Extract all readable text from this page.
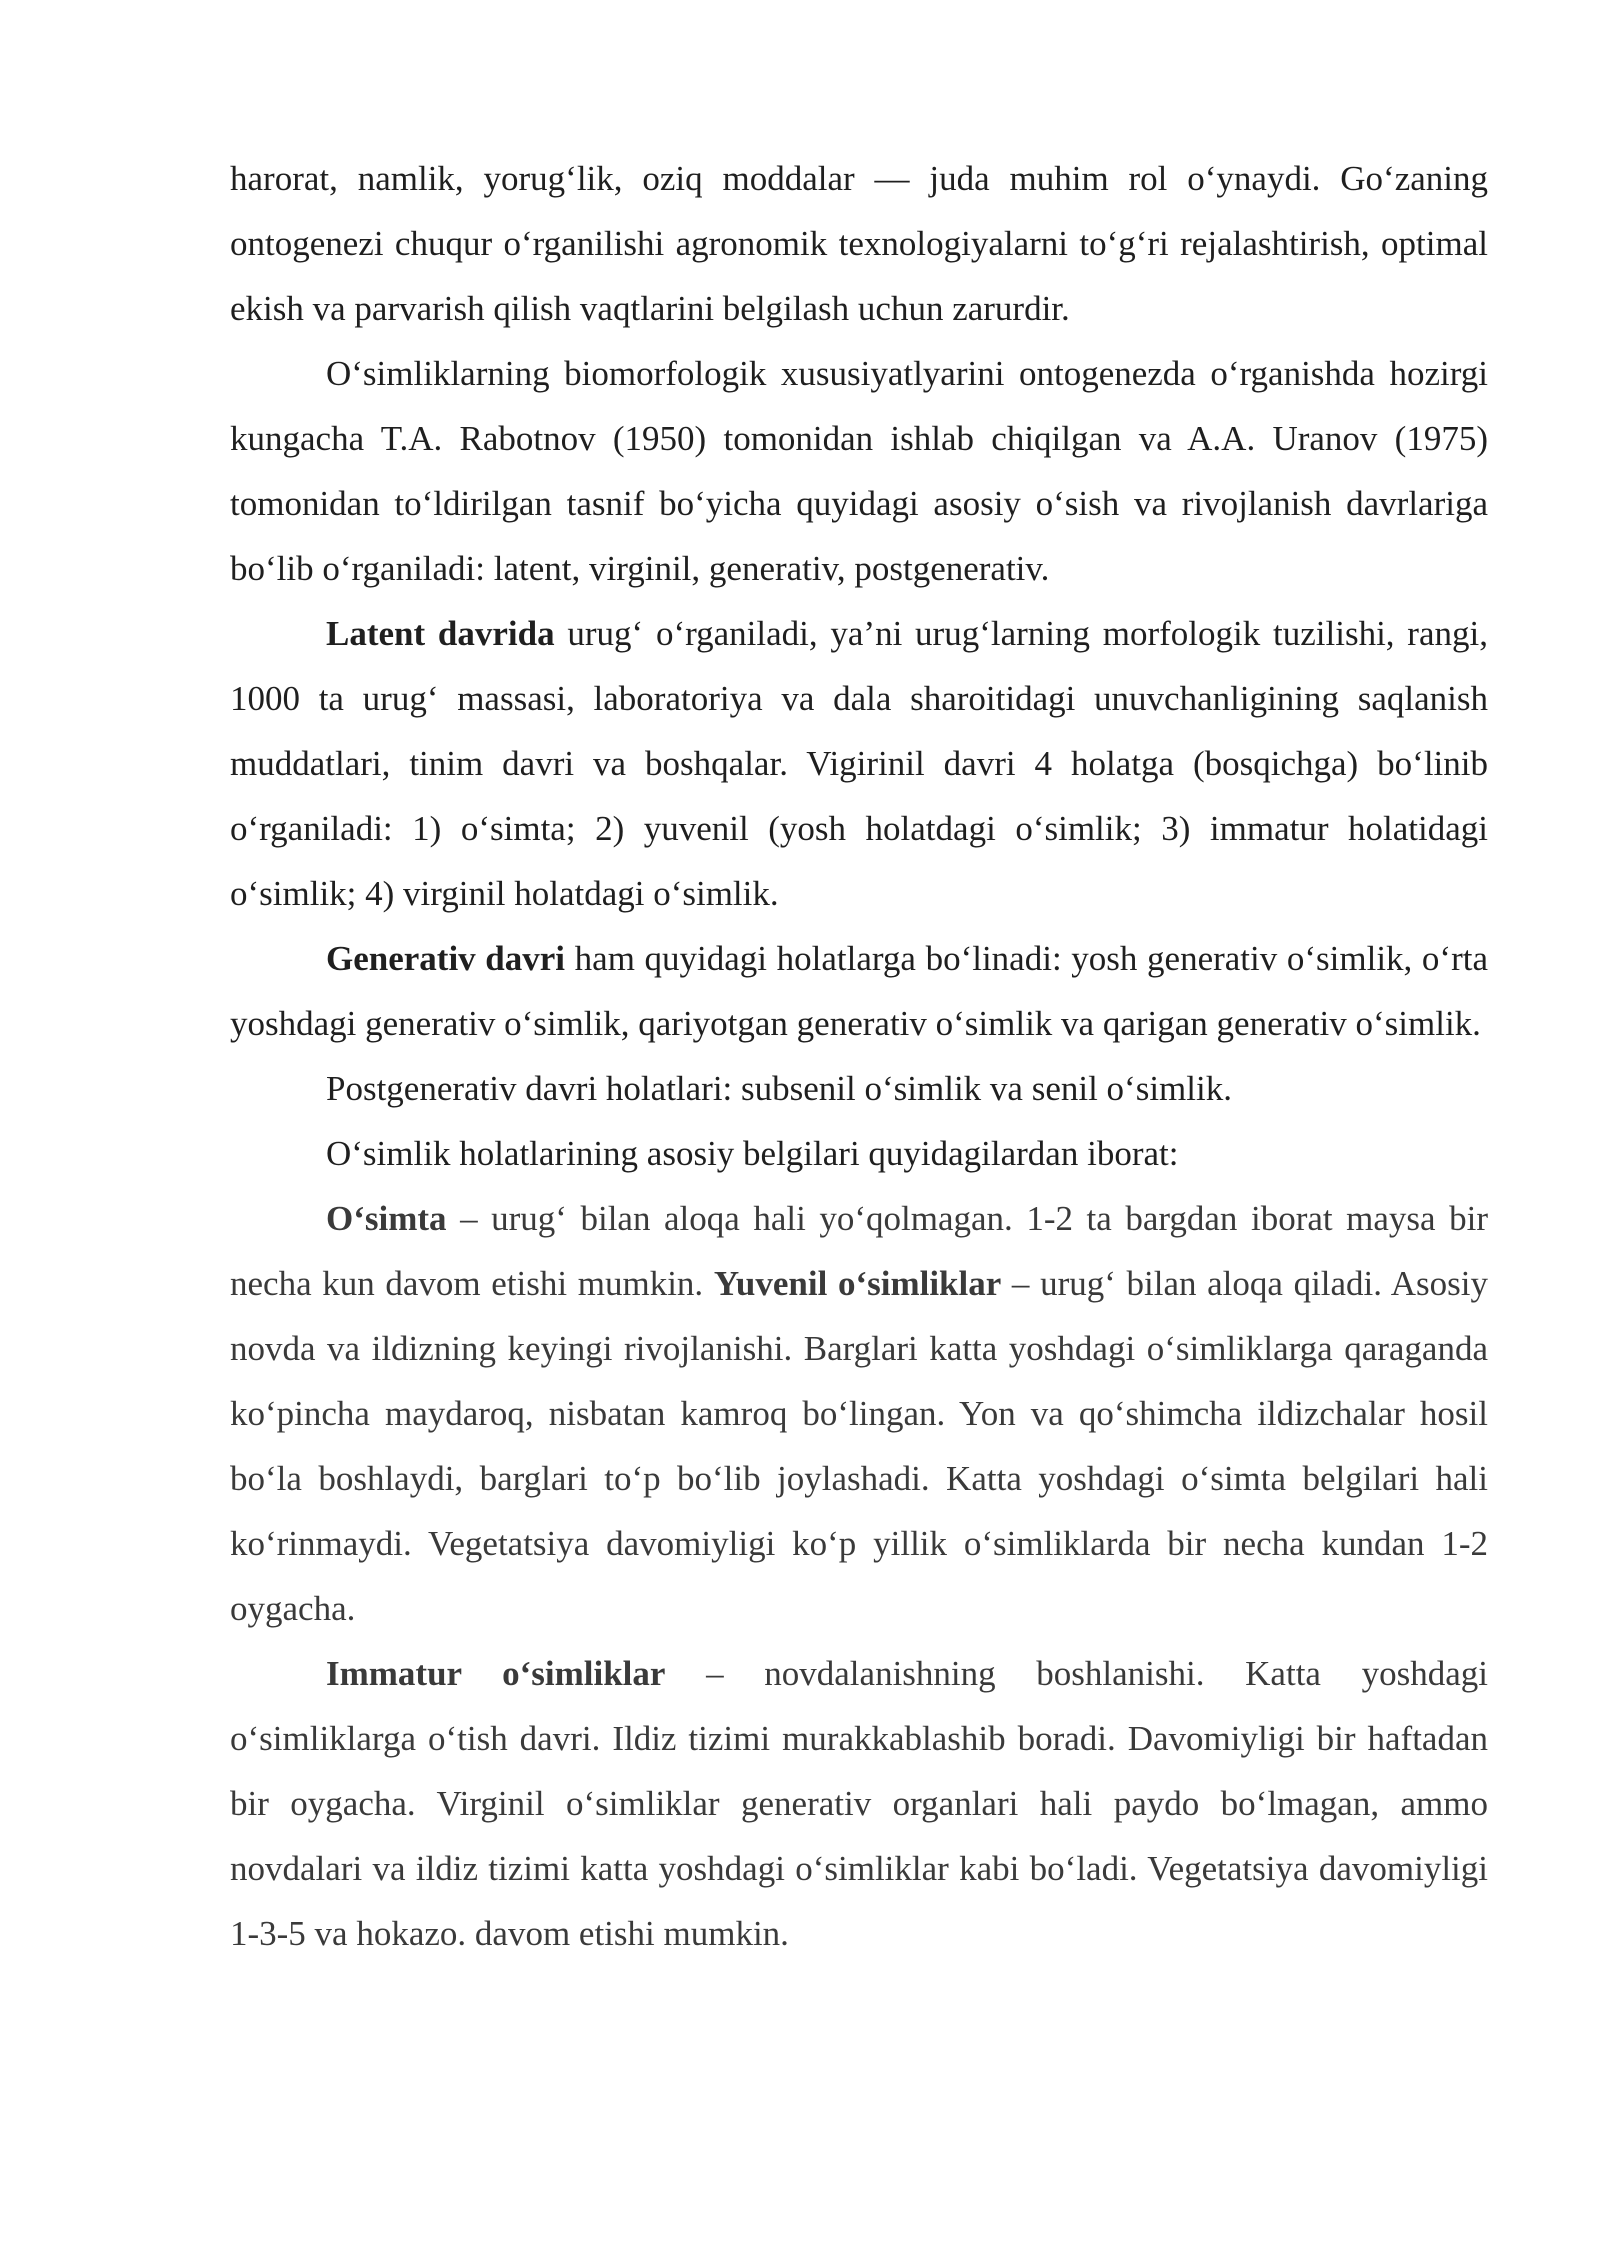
harorat, namlik, yorug‘lik, oziq moddalar — juda muhim rol o‘ynaydi. Go‘zaning ontogenezi chuqur o‘rganilishi agronomik texnologiyalarni to‘g‘ri rejalashtirish, optimal ekish va parvarish qilish vaqtlarini belgilash uchun zarurdir.

O‘simliklarning biomorfologik xususiyatlyarini ontogenezda o‘rganishda hozirgi kungacha T.A. Rabotnov (1950) tomonidan ishlab chiqilgan va A.A. Uranov (1975) tomonidan to‘ldirilgan tasnif bo‘yicha quyidagi asosiy o‘sish va rivojlanish davrlariga bo‘lib o‘rganiladi: latent, virginil, generativ, postgenerativ.

Latent davrida urug‘ o‘rganiladi, ya’ni urug‘larning morfologik tuzilishi, rangi, 1000 ta urug‘ massasi, laboratoriya va dala sharoitidagi unuvchanligining saqlanish muddatlari, tinim davri va boshqalar. Vigirinil davri 4 holatga (bosqichga) bo‘linib o‘rganiladi: 1) o‘simta; 2) yuvenil (yosh holatdagi o‘simlik; 3) immatur holatidagi o‘simlik; 4) virginil holatdagi o‘simlik.

Generativ davri ham quyidagi holatlarga bo‘linadi: yosh generativ o‘simlik, o‘rta yoshdagi generativ o‘simlik, qariyotgan generativ o‘simlik va qarigan generativ o‘simlik.

Postgenerativ davri holatlari: subsenil o‘simlik va senil o‘simlik.

O‘simlik holatlarining asosiy belgilari quyidagilardan iborat:

O‘simta – urug‘ bilan aloqa hali yo‘qolmagan. 1-2 ta bargdan iborat maysa bir necha kun davom etishi mumkin. Yuvenil o‘simliklar – urug‘ bilan aloqa qiladi. Asosiy novda va ildizning keyingi rivojlanishi. Barglari katta yoshdagi o‘simliklarga qaraganda ko‘pincha maydaroq, nisbatan kamroq bo‘lingan. Yon va qo‘shimcha ildizchalar hosil bo‘la boshlaydi, barglari to‘p bo‘lib joylashadi. Katta yoshdagi o‘simta belgilari hali ko‘rinmaydi. Vegetatsiya davomiyligi ko‘p yillik o‘simliklarda bir necha kundan 1-2 oygacha.

Immatur o‘simliklar – novdalanishning boshlanishi. Katta yoshdagi o‘simliklarga o‘tish davri. Ildiz tizimi murakkablashib boradi. Davomiyligi bir haftadan bir oygacha. Virginil o‘simliklar generativ organlari hali paydo bo‘lmagan, ammo novdalari va ildiz tizimi katta yoshdagi o‘simliklar kabi bo‘ladi. Vegetatsiya davomiyligi 1-3-5 va hokazo. davom etishi mumkin.
